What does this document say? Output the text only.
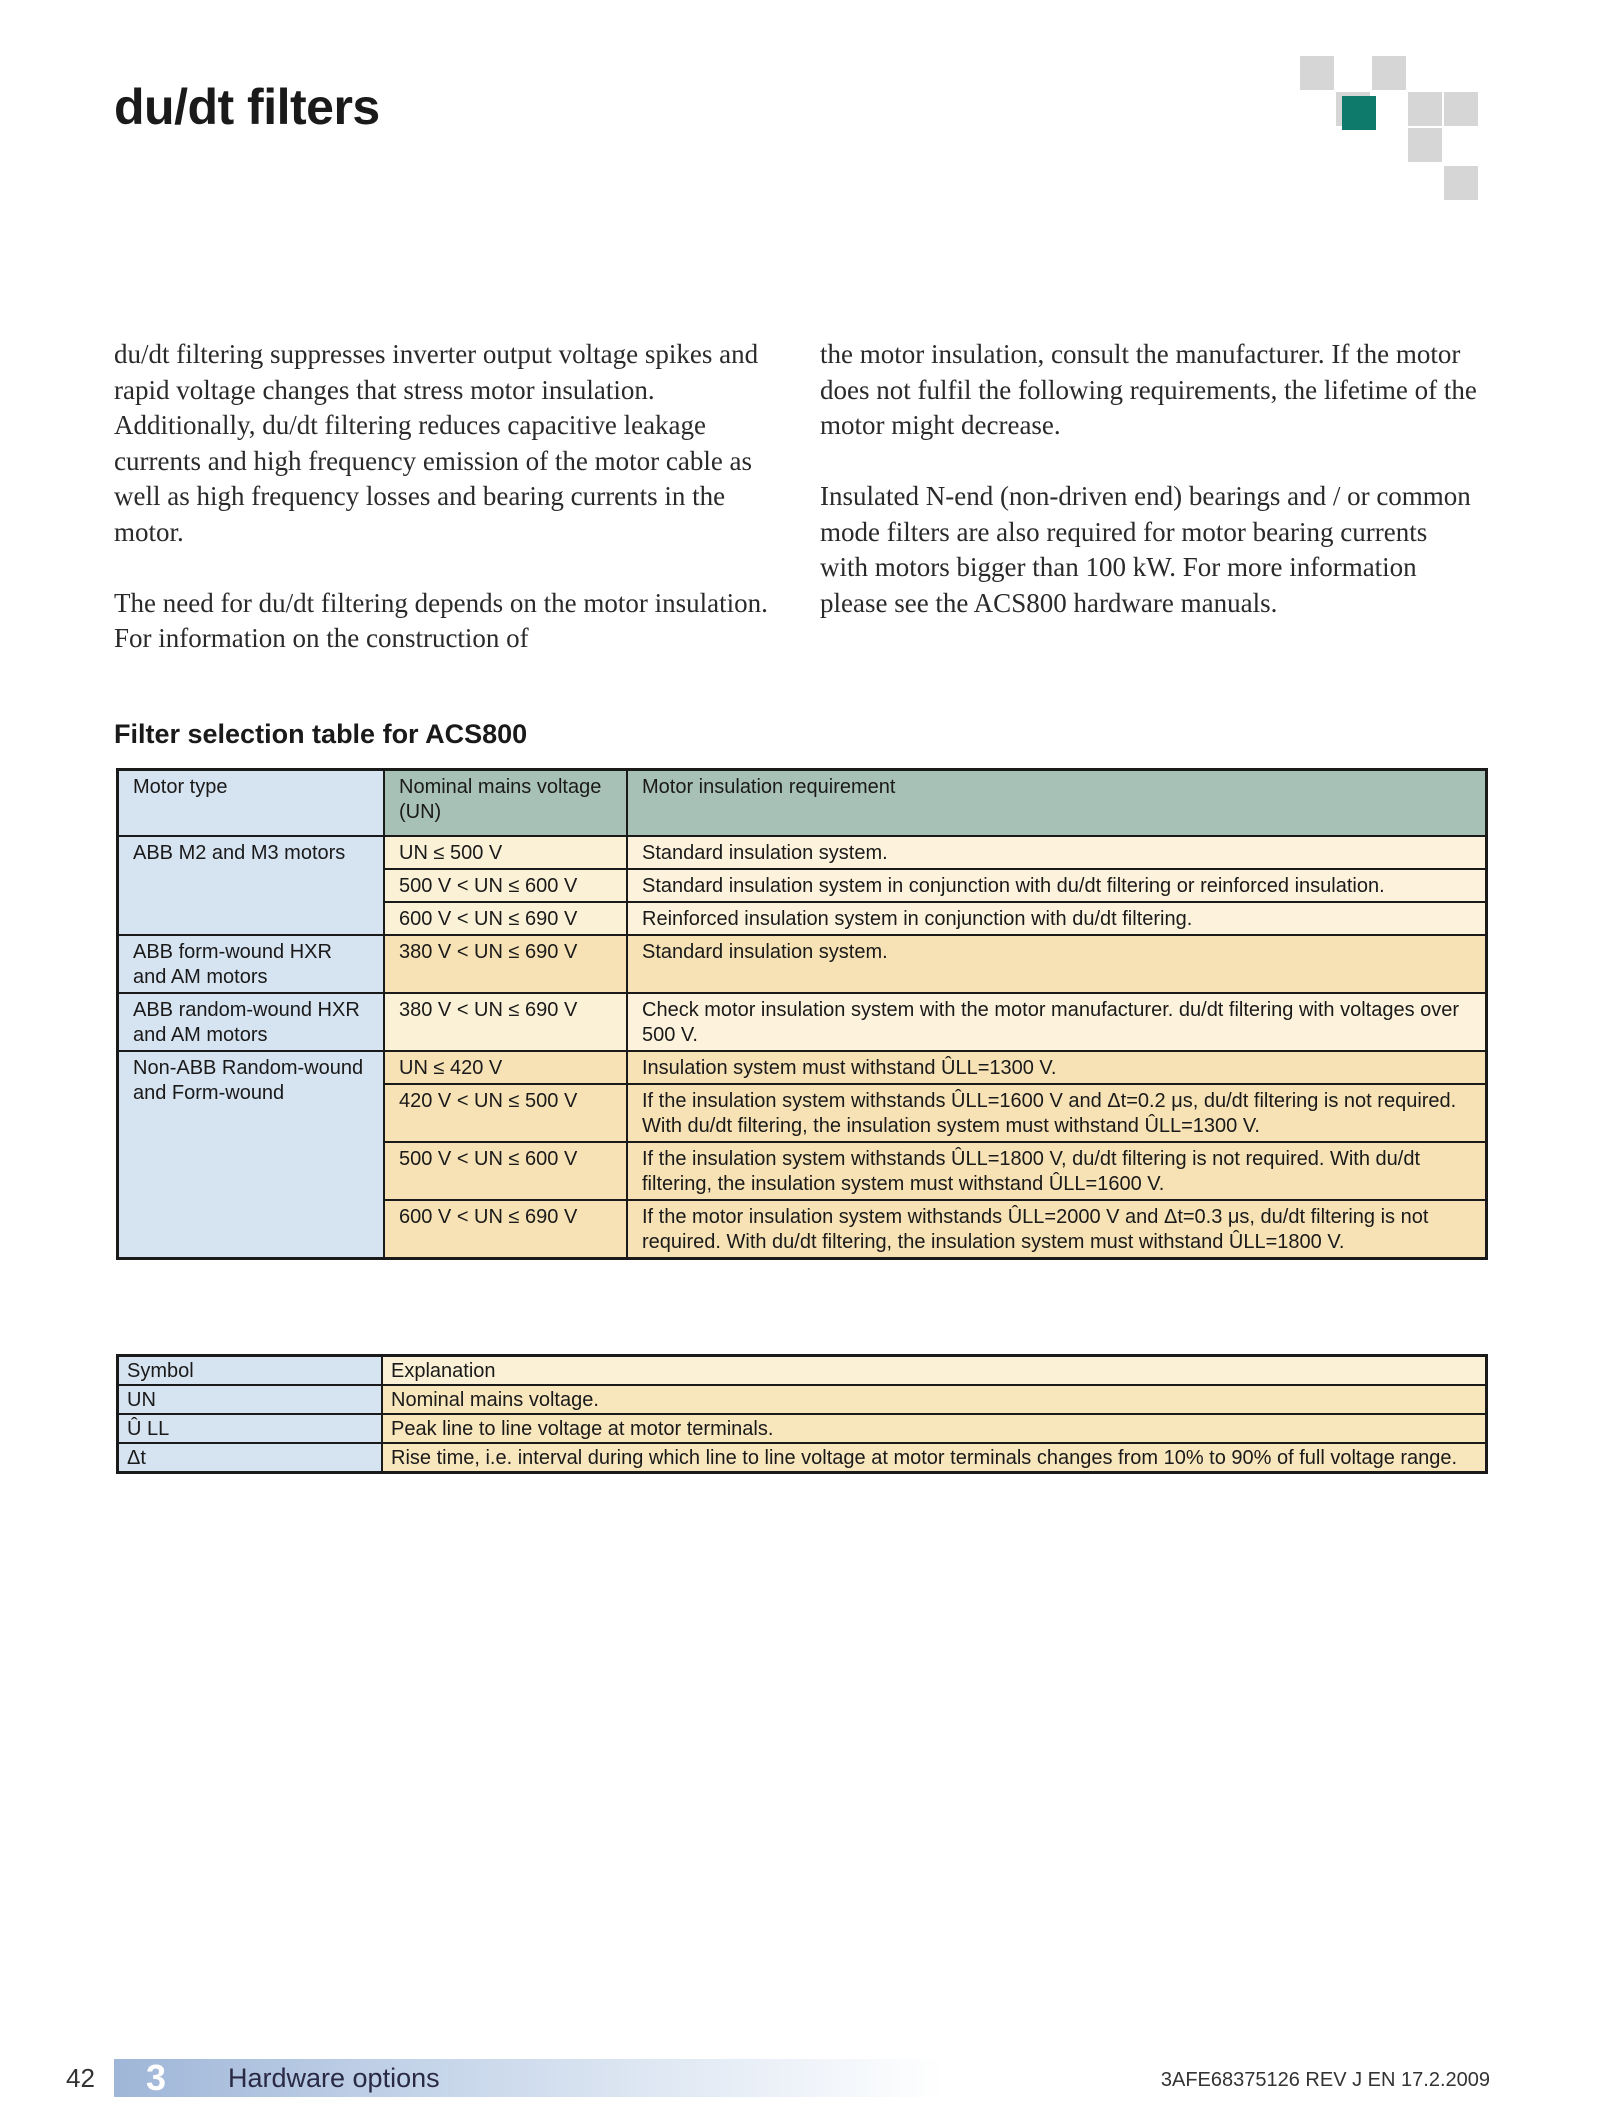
du/dt filters

du/dt filtering suppresses inverter output voltage spikes and rapid voltage changes that stress motor insulation. Additionally, du/dt filtering reduces capacitive leakage currents and high frequency emission of the motor cable as well as high frequency losses and bearing currents in the motor.

The need for du/dt filtering depends on the motor insulation. For information on the construction of

the motor insulation, consult the manufacturer. If the motor does not fulfil the following requirements, the lifetime of the motor might decrease.

Insulated N-end (non-driven end) bearings and / or common mode filters are also required for motor bearing currents with motors bigger than 100 kW. For more information please see the ACS800 hardware manuals.

Filter selection table for ACS800
Motor type	Nominal mains voltage (UN)	Motor insulation requirement
ABB M2 and M3 motors	UN ≤ 500 V	Standard insulation system.
	500 V < UN ≤ 600 V	Standard insulation system in conjunction with du/dt filtering or reinforced insulation.
	600 V < UN ≤ 690 V	Reinforced insulation system in conjunction with du/dt filtering.
ABB form-wound HXR and AM motors	380 V < UN ≤ 690 V	Standard insulation system.
ABB random-wound HXR and AM motors	380 V < UN ≤ 690 V	Check motor insulation system with the motor manufacturer. du/dt filtering with voltages over 500 V.
Non-ABB Random-wound and Form-wound	UN ≤ 420 V	Insulation system must withstand ÛLL=1300 V.
	420 V < UN ≤ 500 V	If the insulation system withstands ÛLL=1600 V and Δt=0.2 μs, du/dt filtering is not required. With du/dt filtering, the insulation system must withstand ÛLL=1300 V.
	500 V < UN ≤ 600 V	If the insulation system withstands ÛLL=1800 V, du/dt filtering is not required. With du/dt filtering, the insulation system must withstand ÛLL=1600 V.
	600 V < UN ≤ 690 V	If the motor insulation system withstands ÛLL=2000 V and Δt=0.3 μs, du/dt filtering is not required. With du/dt filtering, the insulation system must withstand ÛLL=1800 V.
Symbol	Explanation
UN	Nominal mains voltage.
Û LL	Peak line to line voltage at motor terminals.
Δt	Rise time, i.e. interval during which line to line voltage at motor terminals changes from 10% to 90% of full voltage range.
42 3 Hardware options	3AFE68375126 REV J EN 17.2.2009
